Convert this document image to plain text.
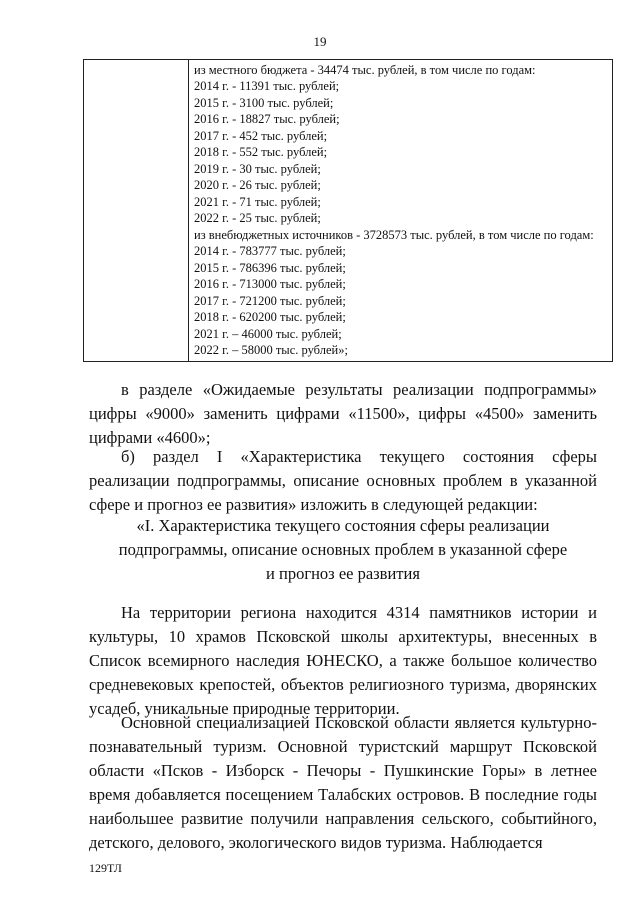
19

из местного бюджета - 34474 тыс. рублей, в том числе по годам:
2014 г. - 11391 тыс. рублей;
2015 г. - 3100 тыс. рублей;
2016 г. - 18827 тыс. рублей;
2017 г. - 452 тыс. рублей;
2018 г. - 552 тыс. рублей;
2019 г. - 30 тыс. рублей;
2020 г. - 26 тыс. рублей;
2021 г. - 71 тыс. рублей;
2022 г. - 25 тыс. рублей;
из внебюджетных источников - 3728573 тыс. рублей, в том числе по годам:
2014 г. - 783777 тыс. рублей;
2015 г. - 786396 тыс. рублей;
2016 г. - 713000 тыс. рублей;
2017 г. - 721200 тыс. рублей;
2018 г. - 620200 тыс. рублей;
2021 г. – 46000 тыс. рублей;
2022 г. – 58000 тыс. рублей»;
в разделе «Ожидаемые результаты реализации подпрограммы» цифры «9000» заменить цифрами «11500», цифры «4500» заменить цифрами «4600»;
б) раздел I «Характеристика текущего состояния сферы реализации подпрограммы, описание основных проблем в указанной сфере и прогноз ее развития» изложить в следующей редакции:
«I. Характеристика текущего состояния сферы реализации
подпрограммы, описание основных проблем в указанной сфере
и прогноз ее развития
На территории региона находится 4314 памятников истории и культуры, 10 храмов Псковской школы архитектуры, внесенных в Список всемирного наследия ЮНЕСКО, а также большое количество средневековых крепостей, объектов религиозного туризма, дворянских усадеб, уникальные природные территории.
Основной специализацией Псковской области является культурно-познавательный туризм. Основной туристский маршрут Псковской области «Псков - Изборск - Печоры - Пушкинские Горы» в летнее время добавляется посещением Талабских островов. В последние годы наибольшее развитие получили направления сельского, событийного, детского, делового, экологического видов туризма. Наблюдается
129ТЛ
